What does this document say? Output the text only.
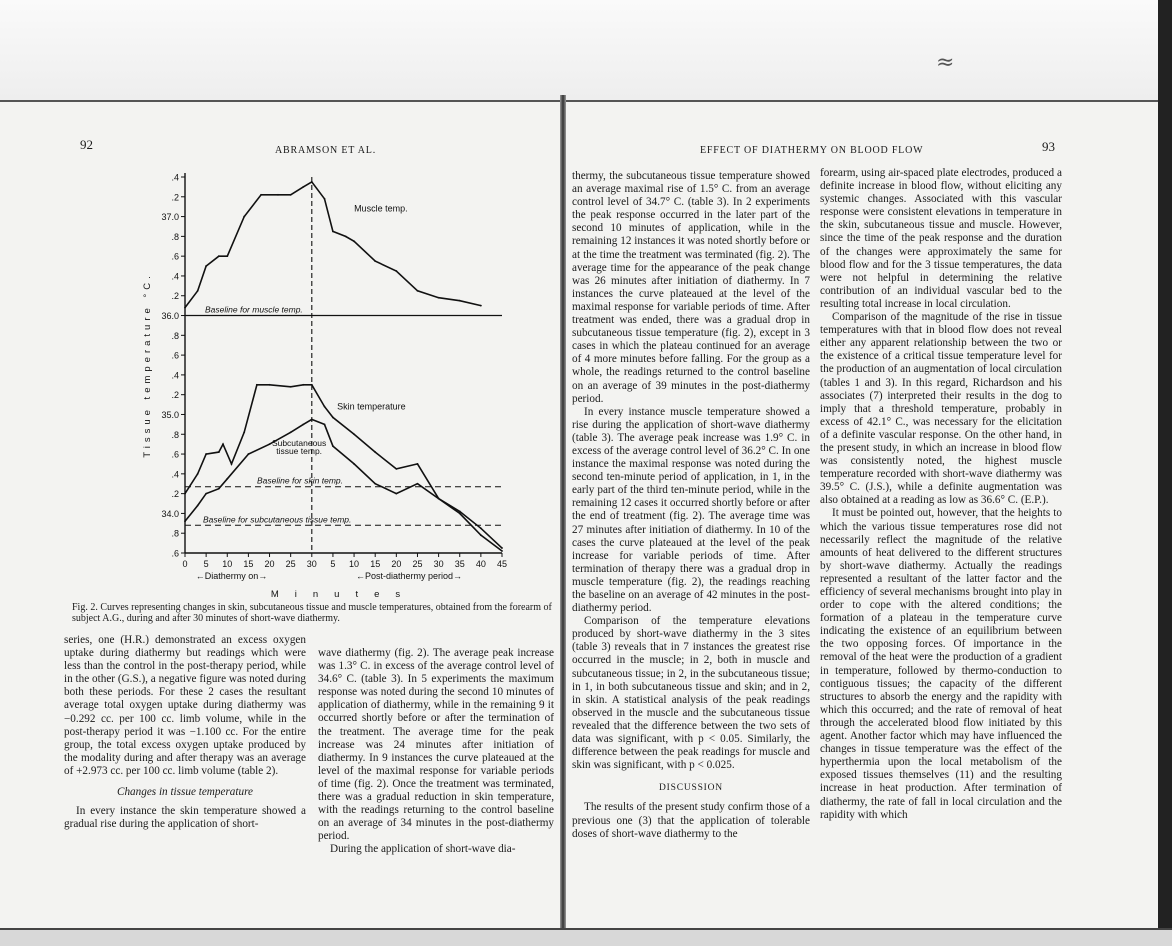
≈
92	ABRAMSON ET AL.
.4
.2
37.0
.8
.6
.4
.2
36.0
.8
.6
.4
.2
35.0
.8
.6
.4
.2
34.0
.8
.6
0 5 10 15 20 25 30 5 10 15 20 25 30 35 40 45
Baseline for muscle temp.
Baseline for skin temp.
Baseline for subcutaneous tissue temp.
Muscle temp.
Skin temperature
Subcutaneous
tissue temp.
←Diathermy on→	←Post-diathermy period→
Minutes
Tissue temperature °C.
Fig. 2. Curves representing changes in skin, subcutaneous tissue and muscle temperatures, obtained from the forearm of subject A.G., during and after 30 minutes of short-wave diathermy.

series, one (H.R.) demonstrated an excess oxygen uptake during diathermy but readings which were less than the control in the post-therapy period, while in the other (G.S.), a negative figure was noted during both these periods. For these 2 cases the resultant average total oxygen uptake during diathermy was −0.292 cc. per 100 cc. limb volume, while in the post-therapy period it was −1.100 cc. For the entire group, the total excess oxygen uptake produced by the modality during and after therapy was an average of +2.973 cc. per 100 cc. limb volume (table 2).

Changes in tissue temperature

In every instance the skin temperature showed a gradual rise during the application of short-

wave diathermy (fig. 2). The average peak increase was 1.3° C. in excess of the average control level of 34.6° C. (table 3). In 5 experiments the maximum response was noted during the second 10 minutes of application of diathermy, while in the remaining 9 it occurred shortly before or after the termination of the treatment. The average time for the peak increase was 24 minutes after initiation of diathermy. In 9 instances the curve plateaued at the level of the maximal response for variable periods of time (fig. 2). Once the treatment was terminated, there was a gradual reduction in skin temperature, with the readings returning to the control baseline on an average of 34 minutes in the post-diathermy period.

During the application of short-wave dia-

EFFECT OF DIATHERMY ON BLOOD FLOW	93

thermy, the subcutaneous tissue temperature showed an average maximal rise of 1.5° C. from an average control level of 34.7° C. (table 3). In 2 experiments the peak response occurred in the later part of the second 10 minutes of application, while in the remaining 12 instances it was noted shortly before or at the time the treatment was terminated (fig. 2). The average time for the appearance of the peak change was 26 minutes after initiation of diathermy. In 7 instances the curve plateaued at the level of the maximal response for variable periods of time. After treatment was ended, there was a gradual drop in subcutaneous tissue temperature (fig. 2), except in 3 cases in which the plateau continued for an average of 4 more minutes before falling. For the group as a whole, the readings returned to the control baseline on an average of 39 minutes in the post-diathermy period.

In every instance muscle temperature showed a rise during the application of short-wave diathermy (table 3). The average peak increase was 1.9° C. in excess of the average control level of 36.2° C. In one instance the maximal response was noted during the second ten-minute period of application, in 1, in the early part of the third ten-minute period, while in the remaining 12 cases it occurred shortly before or after the end of treatment (fig. 2). The average time was 27 minutes after initiation of diathermy. In 10 of the cases the curve plateaued at the level of the peak increase for variable periods of time. After termination of therapy there was a gradual drop in muscle temperature (fig. 2), the readings reaching the baseline on an average of 42 minutes in the post-diathermy period.

Comparison of the temperature elevations produced by short-wave diathermy in the 3 sites (table 3) reveals that in 7 instances the greatest rise occurred in the muscle; in 2, both in muscle and subcutaneous tissue; in 2, in the subcutaneous tissue; in 1, in both subcutaneous tissue and skin; and in 2, in skin. A statistical analysis of the peak readings observed in the muscle and the subcutaneous tissue revealed that the difference between the two sets of data was significant, with p < 0.05. Similarly, the difference between the peak readings for muscle and skin was significant, with p < 0.025.

DISCUSSION

The results of the present study confirm those of a previous one (3) that the application of tolerable doses of short-wave diathermy to the

forearm, using air-spaced plate electrodes, produced a definite increase in blood flow, without eliciting any systemic changes. Associated with this vascular response were consistent elevations in temperature in the skin, subcutaneous tissue and muscle. However, since the time of the peak response and the duration of the changes were approximately the same for blood flow and for the 3 tissue temperatures, the data were not helpful in determining the relative contribution of an individual vascular bed to the resulting total increase in local circulation.

Comparison of the magnitude of the rise in tissue temperatures with that in blood flow does not reveal either any apparent relationship between the two or the existence of a critical tissue temperature level for the production of an augmentation of local circulation (tables 1 and 3). In this regard, Richardson and his associates (7) interpreted their results in the dog to imply that a threshold temperature, probably in excess of 42.1° C., was necessary for the elicitation of a definite vascular response. On the other hand, in the present study, in which an increase in blood flow was consistently noted, the highest muscle temperature recorded with short-wave diathermy was 39.5° C. (J.S.), while a definite augmentation was also obtained at a reading as low as 36.6° C. (E.P.).

It must be pointed out, however, that the heights to which the various tissue temperatures rose did not necessarily reflect the magnitude of the relative amounts of heat delivered to the different structures by short-wave diathermy. Actually the readings represented a resultant of the latter factor and the efficiency of several mechanisms brought into play in order to cope with the altered conditions; the formation of a plateau in the temperature curve indicating the existence of an equilibrium between the two opposing forces. Of importance in the removal of the heat were the production of a gradient in temperature, followed by thermo-conduction to contiguous tissues; the capacity of the different structures to absorb the energy and the rapidity with which this occurred; and the rate of removal of heat through the accelerated blood flow initiated by this agent. Another factor which may have influenced the changes in tissue temperature was the effect of the hyperthermia upon the local metabolism of the exposed tissues themselves (11) and the resulting increase in heat production. After termination of diathermy, the rate of fall in local circulation and the rapidity with which
